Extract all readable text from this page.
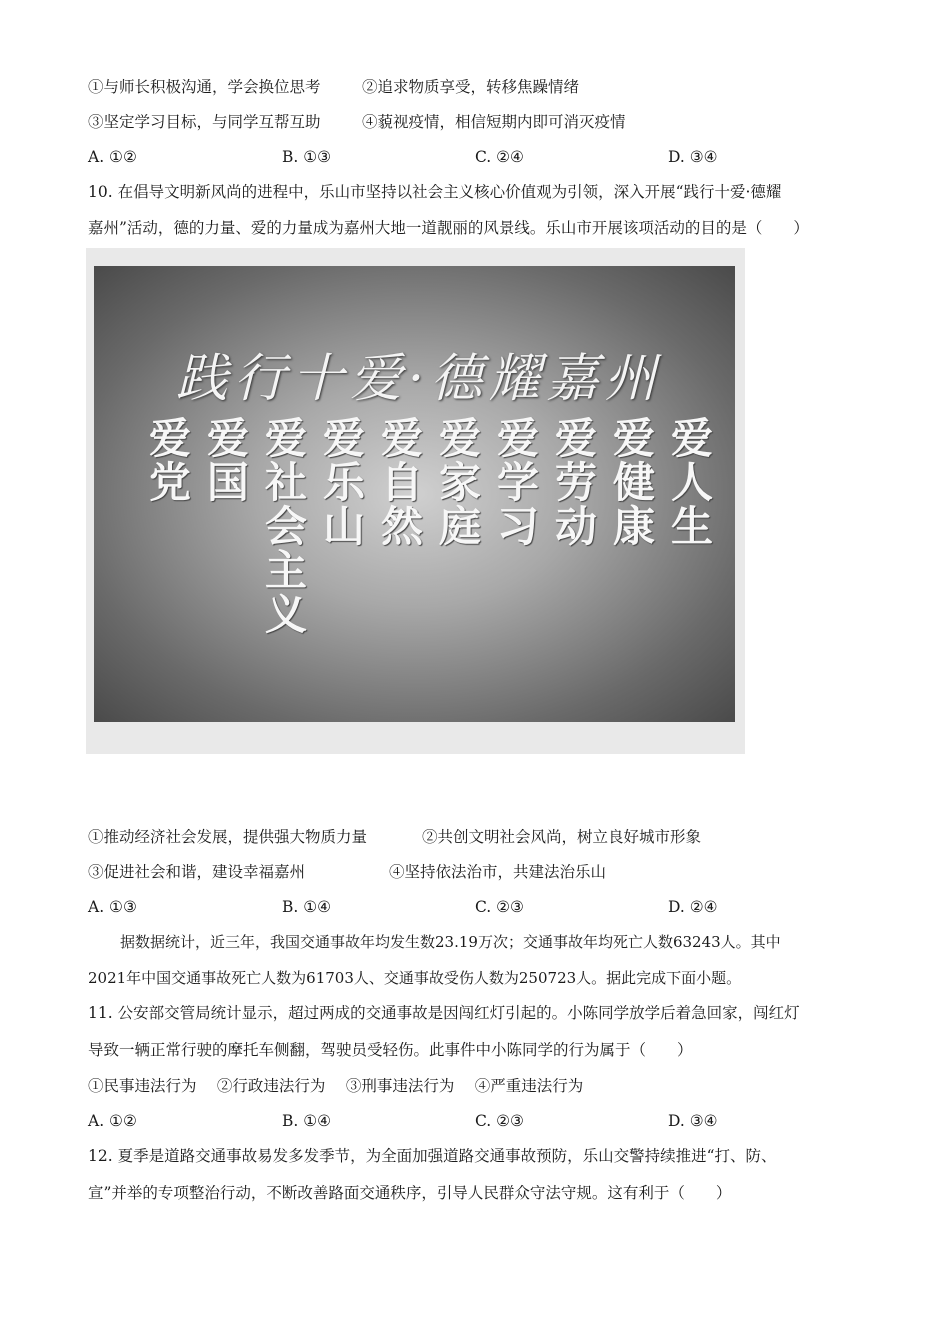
①与师长积极沟通，学会换位思考	②追求物质享受，转移焦躁情绪
③坚定学习目标，与同学互帮互助	④藐视疫情，相信短期内即可消灭疫情
A. ①②	B. ①③	C. ②④	D. ③④
10. 在倡导文明新风尚的进程中，乐山市坚持以社会主义核心价值观为引领，深入开展“践行十爱·德耀
嘉州”活动，德的力量、爱的力量成为嘉州大地一道靓丽的风景线。乐山市开展该项活动的目的是（　　）
践行十爱·德耀嘉州
爱党 爱国 爱社会主义 爱乐山 爱自然 爱家庭 爱学习 爱劳动 爱健康 爱人生
①推动经济社会发展，提供强大物质力量	②共创文明社会风尚，树立良好城市形象
③促进社会和谐，建设幸福嘉州	④坚持依法治市，共建法治乐山
A. ①③	B. ①④	C. ②③	D. ②④
据数据统计，近三年，我国交通事故年均发生数23.19万次；交通事故年均死亡人数63243人。其中
2021年中国交通事故死亡人数为61703人、交通事故受伤人数为250723人。据此完成下面小题。
11. 公安部交管局统计显示，超过两成的交通事故是因闯红灯引起的。小陈同学放学后着急回家，闯红灯
导致一辆正常行驶的摩托车侧翻，驾驶员受轻伤。此事件中小陈同学的行为属于（　　）
①民事违法行为　 ②行政违法行为　 ③刑事违法行为　 ④严重违法行为
A. ①②	B. ①④	C. ②③	D. ③④
12. 夏季是道路交通事故易发多发季节，为全面加强道路交通事故预防，乐山交警持续推进“打、防、
宣”并举的专项整治行动，不断改善路面交通秩序，引导人民群众守法守规。这有利于（　　）
